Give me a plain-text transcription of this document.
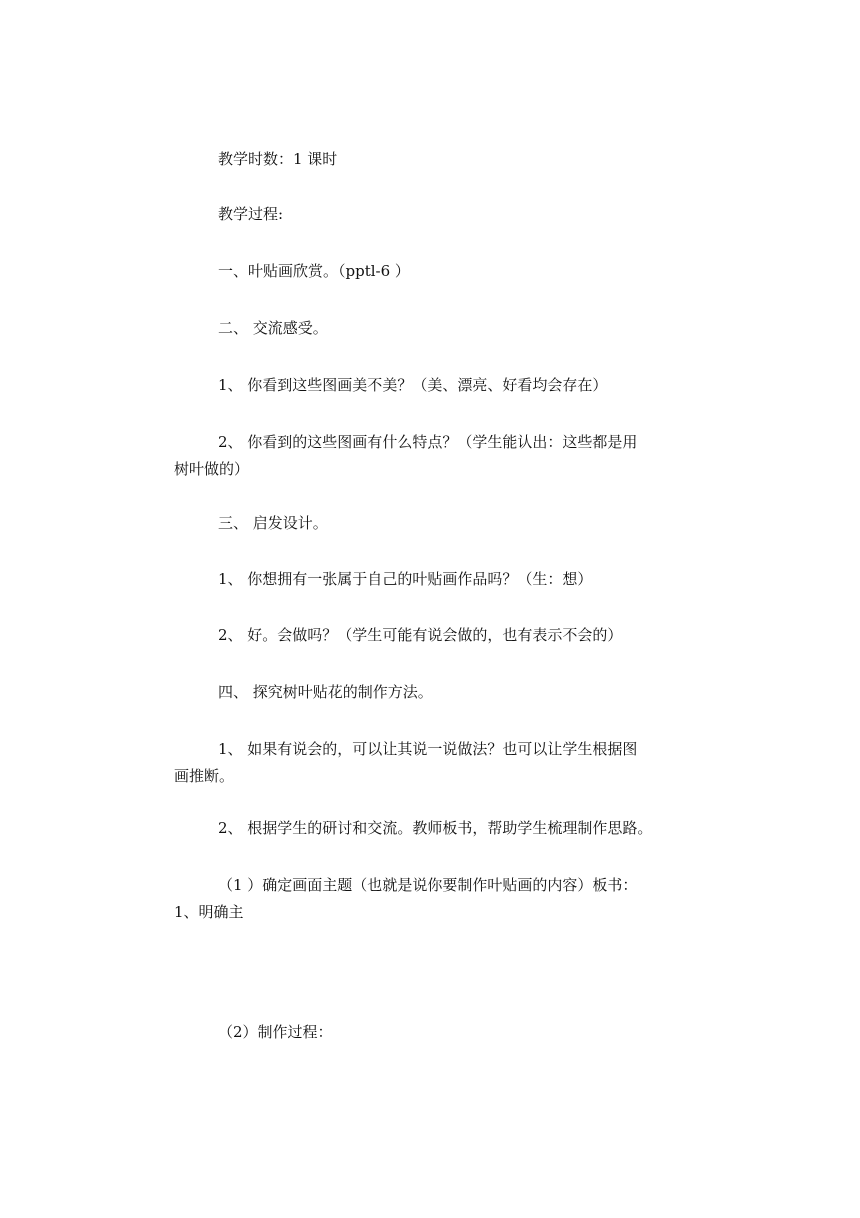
教学时数：1 课时

教学过程:

一、叶贴画欣赏。（pptl-6 ）

二、 交流感受。

1、 你看到这些图画美不美？（美、漂亮、好看均会存在）

2、 你看到的这些图画有什么特点？（学生能认出：这些都是用
树叶做的）

三、 启发设计。

1、 你想拥有一张属于自己的叶贴画作品吗？（生：想）

2、 好。会做吗？（学生可能有说会做的，也有表示不会的）

四、 探究树叶贴花的制作方法。

1、 如果有说会的，可以让其说一说做法？也可以让学生根据图
画推断。

2、 根据学生的研讨和交流。教师板书，帮助学生梳理制作思路。

（1 ）确定画面主题（也就是说你要制作叶贴画的内容）板书：
1、明确主

（2）制作过程：
